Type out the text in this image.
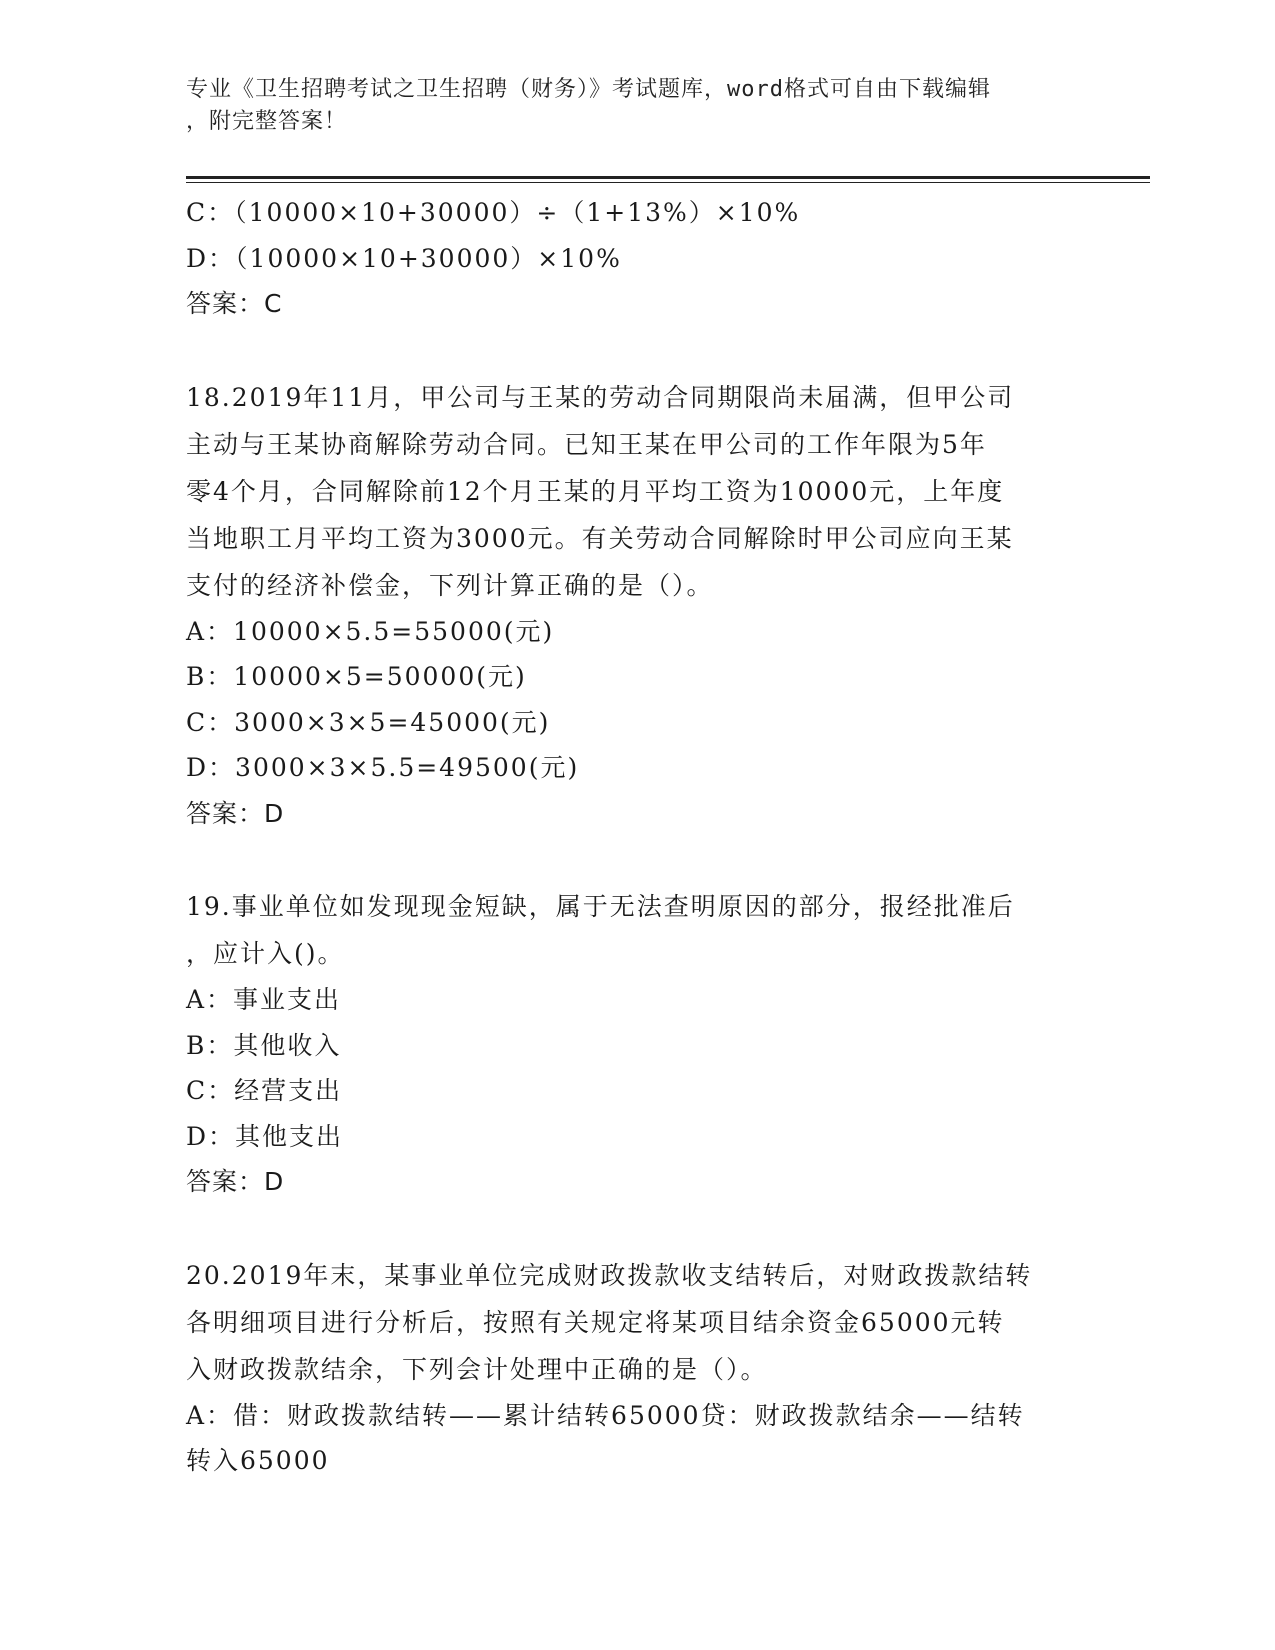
专业《卫生招聘考试之卫生招聘（财务）》考试题库，word格式可自由下载编辑
，附完整答案！
C：（10000×10+30000）÷（1+13%）×10%
D：（10000×10+30000）×10%
答案：C
18.2019年11月，甲公司与王某的劳动合同期限尚未届满，但甲公司
主动与王某协商解除劳动合同。已知王某在甲公司的工作年限为5年
零4个月，合同解除前12个月王某的月平均工资为10000元，上年度
当地职工月平均工资为3000元。有关劳动合同解除时甲公司应向王某
支付的经济补偿金，下列计算正确的是（）。
A：10000×5.5=55000(元)
B：10000×5=50000(元)
C：3000×3×5=45000(元)
D：3000×3×5.5=49500(元)
答案：D
19.事业单位如发现现金短缺，属于无法查明原因的部分，报经批准后
，应计入()。
A：事业支出
B：其他收入
C：经营支出
D：其他支出
答案：D
20.2019年末，某事业单位完成财政拨款收支结转后，对财政拨款结转
各明细项目进行分析后，按照有关规定将某项目结余资金65000元转
入财政拨款结余，下列会计处理中正确的是（）。
A：借：财政拨款结转——累计结转65000贷：财政拨款结余——结转
转入65000
